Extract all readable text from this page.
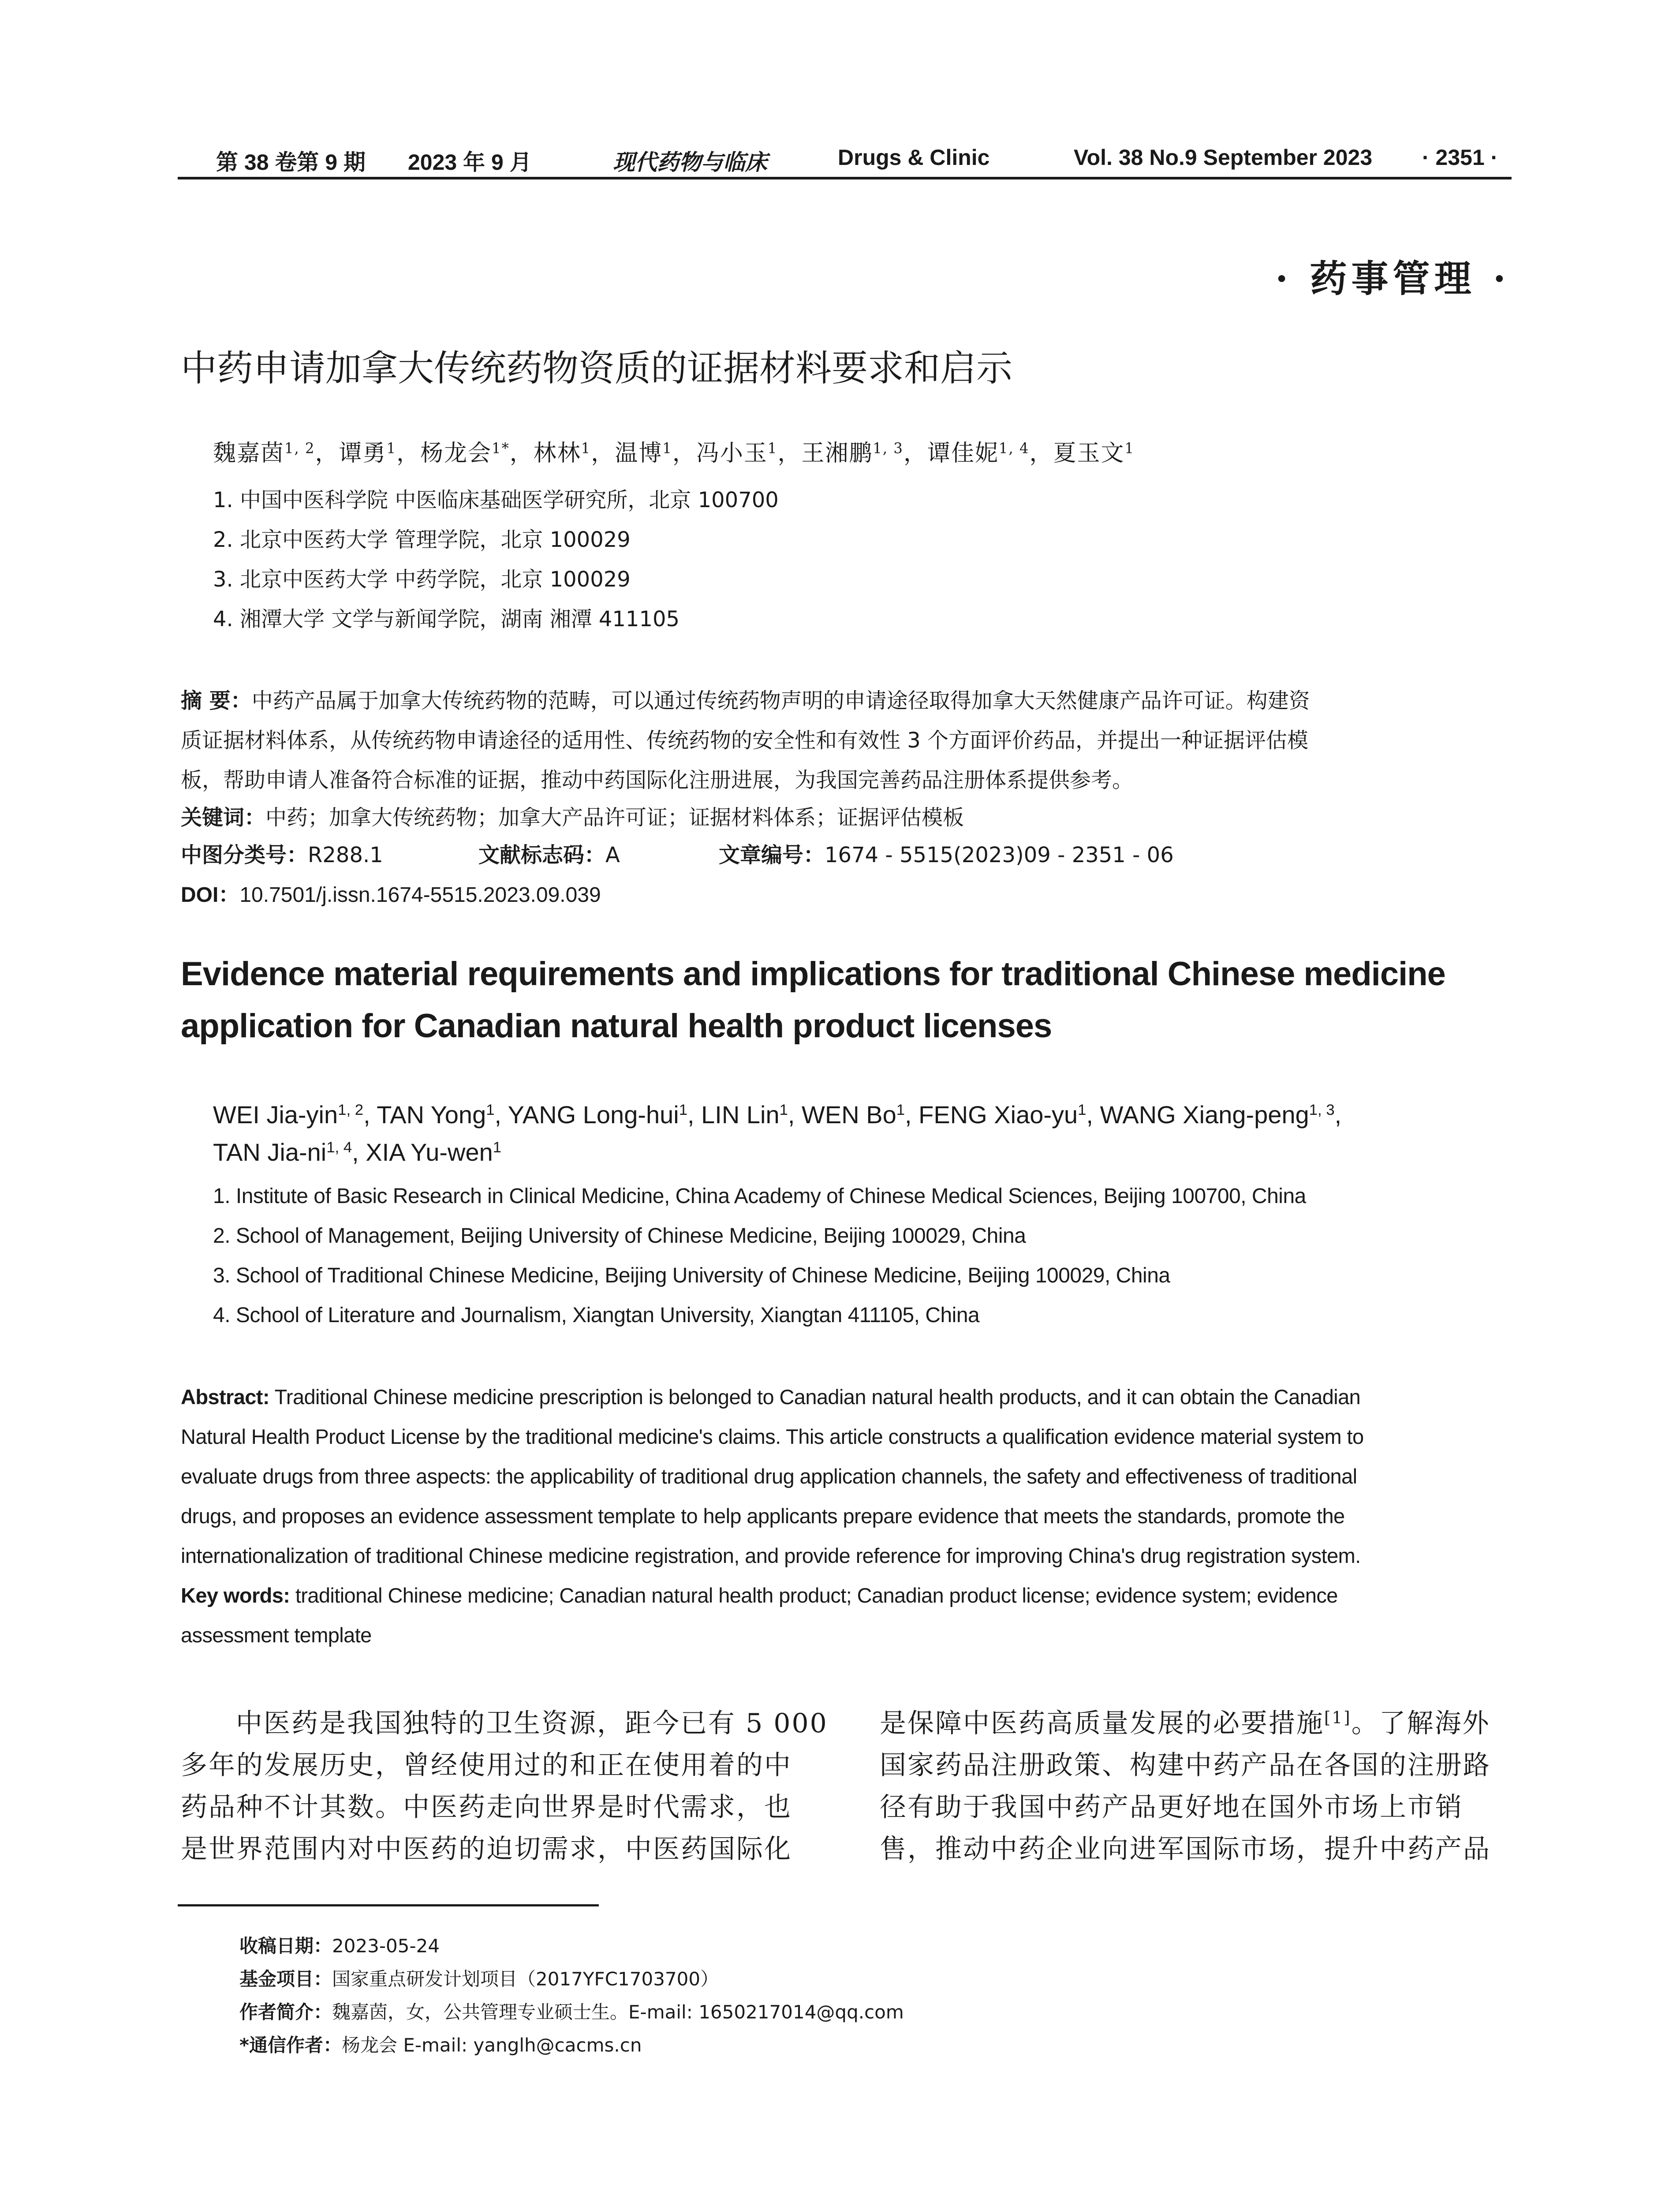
第 38 卷第 9 期 2023 年 9 月	现代药物与临床	Drugs & Clinic	Vol. 38 No.9 September 2023 · 2351 ·
· 药事管理 ·
中药申请加拿大传统药物资质的证据材料要求和启示
魏嘉茵$^{1, 2}$，谭勇$^1$，杨龙会$^{1*}$，林林$^1$，温博$^1$，冯小玉$^1$，王湘鹏$^{1, 3}$，谭佳妮$^{1, 4}$，夏玉文$^1$
1. 中国中医科学院 中医临床基础医学研究所，北京 100700
2. 北京中医药大学 管理学院，北京 100029
3. 北京中医药大学 中药学院，北京 100029
4. 湘潭大学 文学与新闻学院，湖南 湘潭 411105
摘 要：中药产品属于加拿大传统药物的范畴，可以通过传统药物声明的申请途径取得加拿大天然健康产品许可证。构建资
质证据材料体系，从传统药物申请途径的适用性、传统药物的安全性和有效性 3 个方面评价药品，并提出一种证据评估模
板，帮助申请人准备符合标准的证据，推动中药国际化注册进展，为我国完善药品注册体系提供参考。
关键词：中药；加拿大传统药物；加拿大产品许可证；证据材料体系；证据评估模板
中图分类号：R288.1	文献标志码：A	文章编号：1674 - 5515(2023)09 - 2351 - 06
DOI：10.7501/j.issn.1674-5515.2023.09.039
Evidence material requirements and implications for traditional Chinese medicine
application for Canadian natural health product licenses
WEI Jia-yin$^{1, 2}$, TAN Yong$^1$, YANG Long-hui$^1$, LIN Lin$^1$, WEN Bo$^1$, FENG Xiao-$yu^1$, WANG Xiang-peng$^{1, 3}$,
TAN Jia-ni$^{1, 4}$, XIA Yu-wen$^1$
1. Institute of Basic Research in Clinical Medicine, China Academy of Chinese Medical Sciences, Beijing 100700, China
2. School of Management, Beijing University of Chinese Medicine, Beijing 100029, China
3. School of Traditional Chinese Medicine, Beijing University of Chinese Medicine, Beijing 100029, China
4. School of Literature and Journalism, Xiangtan University, Xiangtan 411105, China
Abstract: Traditional Chinese medicine prescription is belonged to Canadian natural health products, and it can obtain the Canadian
Natural Health Product License by the traditional medicine's claims. This article constructs a qualification evidence material system to
evaluate drugs from three aspects: the applicability of traditional drug application channels, the safety and effectiveness of traditional
drugs, and proposes an evidence assessment template to help applicants prepare evidence that meets the standards, promote the
internationalization of traditional Chinese medicine registration, and provide reference for improving China's drug registration system.
Key words: traditional Chinese medicine; Canadian natural health product; Canadian product license; evidence system; evidence
assessment template
中医药是我国独特的卫生资源，距今已有 5 000
多年的发展历史，曾经使用过的和正在使用着的中
药品种不计其数。中医药走向世界是时代需求，也
是世界范围内对中医药的迫切需求，中医药国际化
是保障中医药高质量发展的必要措施[1]。了解海外
国家药品注册政策、构建中药产品在各国的注册路
径有助于我国中药产品更好地在国外市场上市销
售，推动中药企业向进军国际市场，提升中药产品
收稿日期：2023-05-24
基金项目：国家重点研发计划项目（2017YFC1703700）
作者简介：魏嘉茵，女，公共管理专业硕士生。E-mail: 1650217014@qq.com
*通信作者：杨龙会 E-mail: yanglh@cacms.cn
